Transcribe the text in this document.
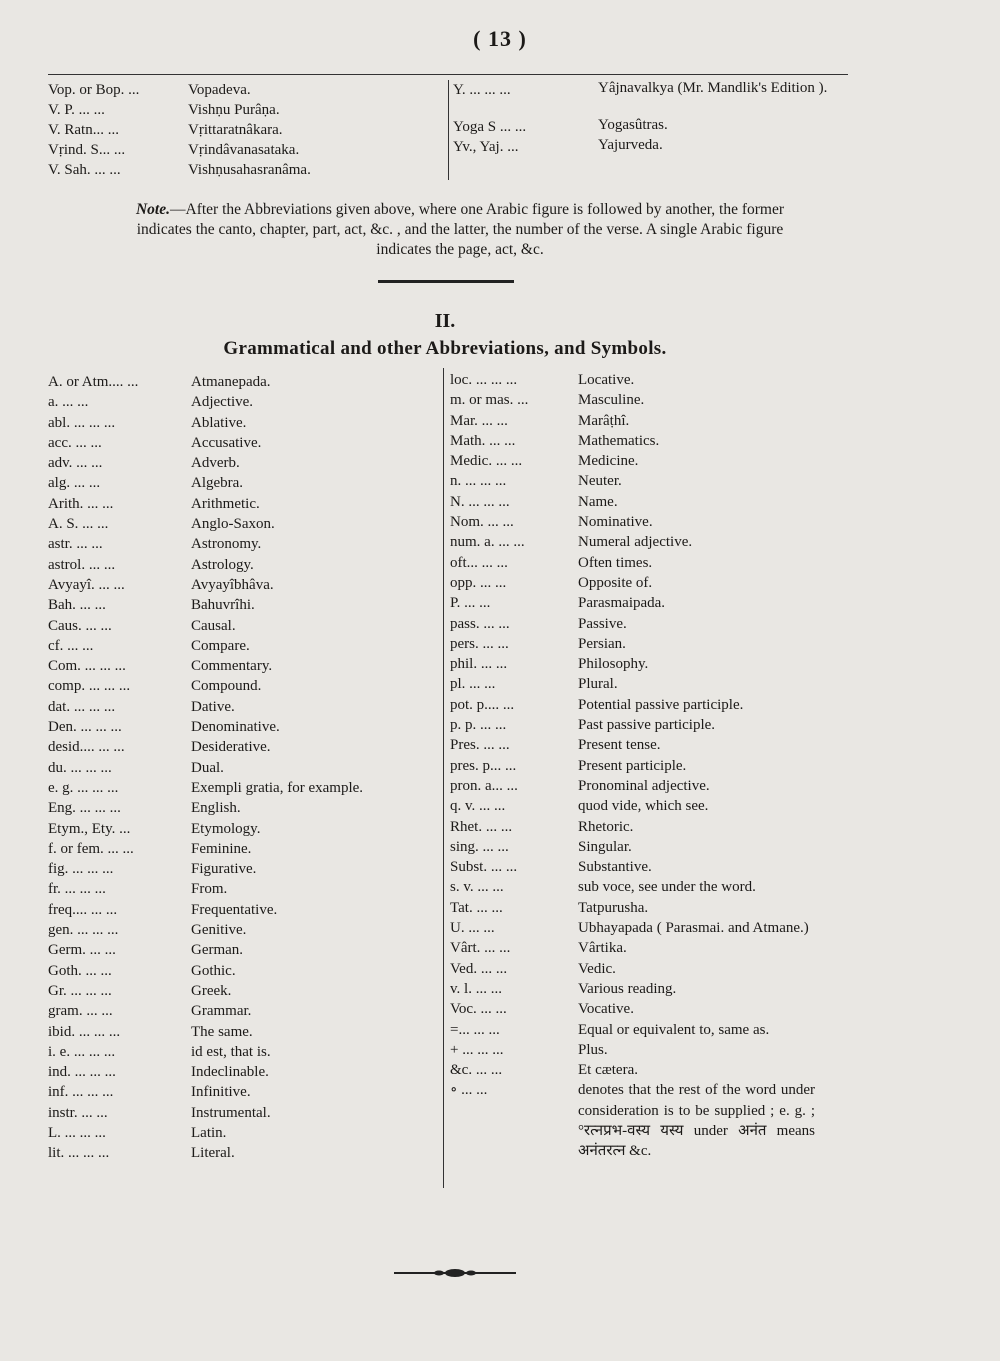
( 13 )
Vop. or Bop. ...	Vopadeva.
V. P. ... ...	Vishṇu Purâṇa.
V. Ratn... ...	Vṛittaratnâkara.
Vṛind. S... ...	Vṛindâvanasataka.
V. Sah. ... ...	Vishṇusahasranâma.
Y. ... ... ...	Yâjnavalkya (Mr. Mandlik's Edition ).
Yoga S ... ...	Yogasûtras.
Yv., Yaj. ...	Yajurveda.
Note.—After the Abbreviations given above, where one Arabic figure is followed by another, the former indicates the canto, chapter, part, act, &c. , and the latter, the number of the verse. A single Arabic figure indicates the page, act, &c.
II.
Grammatical and other Abbreviations, and Symbols.
A. or Atm.... ...	Atmanepada.
a. ... ...	Adjective.
abl. ... ... ...	Ablative.
acc. ... ...	Accusative.
adv. ... ...	Adverb.
alg. ... ...	Algebra.
Arith. ... ...	Arithmetic.
A. S. ... ...	Anglo-Saxon.
astr. ... ...	Astronomy.
astrol. ... ...	Astrology.
Avyayî. ... ...	Avyayîbhâva.
Bah. ... ...	Bahuvrîhi.
Caus. ... ...	Causal.
cf. ... ...	Compare.
Com. ... ... ...	Commentary.
comp. ... ... ...	Compound.
dat. ... ... ...	Dative.
Den. ... ... ...	Denominative.
desid.... ... ...	Desiderative.
du. ... ... ...	Dual.
e. g. ... ... ...	Exempli gratia, for example.
Eng. ... ... ...	English.
Etym., Ety. ...	Etymology.
f. or fem. ... ...	Feminine.
fig. ... ... ...	Figurative.
fr. ... ... ...	From.
freq.... ... ...	Frequentative.
gen. ... ... ...	Genitive.
Germ. ... ...	German.
Goth. ... ...	Gothic.
Gr. ... ... ...	Greek.
gram. ... ...	Grammar.
ibid. ... ... ...	The same.
i. e. ... ... ...	id est, that is.
ind. ... ... ...	Indeclinable.
inf. ... ... ...	Infinitive.
instr. ... ...	Instrumental.
L. ... ... ...	Latin.
lit. ... ... ...	Literal.
loc. ... ... ...	Locative.
m. or mas. ...	Masculine.
Mar. ... ...	Marâṭhî.
Math. ... ...	Mathematics.
Medic. ... ...	Medicine.
n. ... ... ...	Neuter.
N. ... ... ...	Name.
Nom. ... ...	Nominative.
num. a. ... ...	Numeral adjective.
oft... ... ...	Often times.
opp. ... ...	Opposite of.
P. ... ...	Parasmaipada.
pass. ... ...	Passive.
pers. ... ...	Persian.
phil. ... ...	Philosophy.
pl. ... ...	Plural.
pot. p.... ...	Potential passive participle.
p. p. ... ...	Past passive participle.
Pres. ... ...	Present tense.
pres. p... ...	Present participle.
pron. a... ...	Pronominal adjective.
q. v. ... ...	quod vide, which see.
Rhet. ... ...	Rhetoric.
sing. ... ...	Singular.
Subst. ... ...	Substantive.
s. v. ... ...	sub voce, see under the word.
Tat. ... ...	Tatpurusha.
U. ... ...	Ubhayapada ( Parasmai. and Atmane.)
Vârt. ... ...	Vârtika.
Ved. ... ...	Vedic.
v. l. ... ...	Various reading.
Voc. ... ...	Vocative.
=... ... ...	Equal or equivalent to, same as.
+ ... ... ...	Plus.
&c. ... ...	Et cætera.
∘ ... ...	denotes that the rest of the word under consideration is to be supplied ; e. g. ; °रत्नप्रभ-वस्य यस्य under अनंत means अनंतरत्न &c.
